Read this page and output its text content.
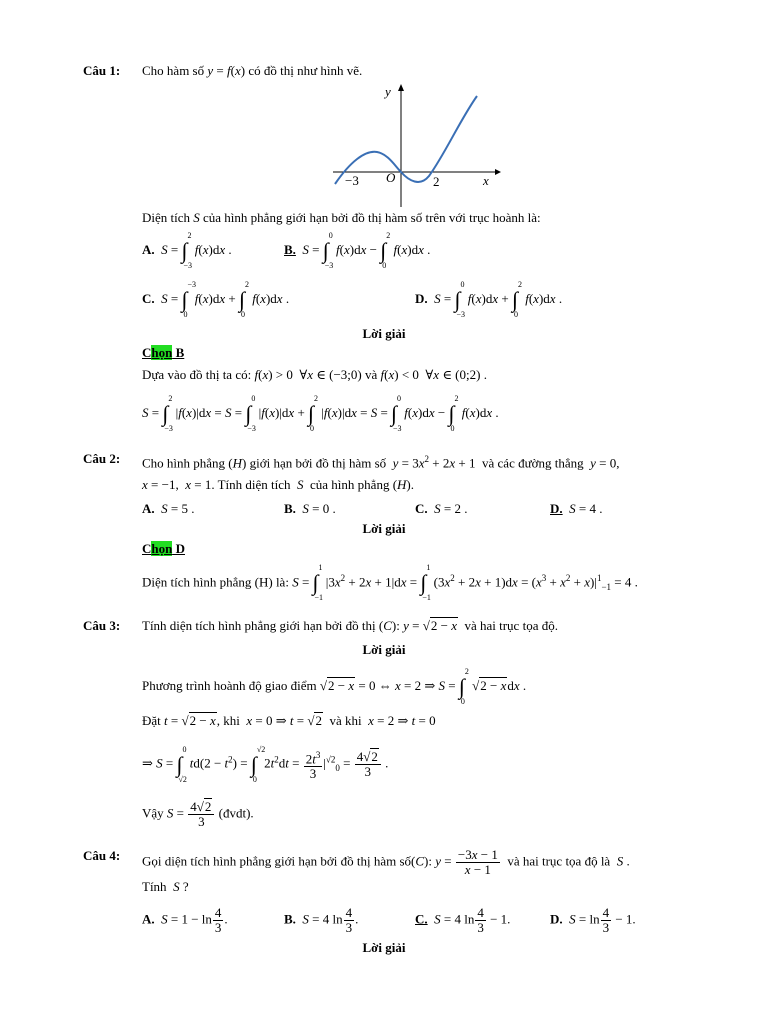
Câu 1: Cho hàm số y = f(x) có đồ thị như hình vẽ.
y
x
O
−3	2
Diện tích S của hình phẳng giới hạn bởi đồ thị hàm số trên với trục hoành là:
A. S = ∫
2
−3
f(x)dx .	B. S = ∫
0
−3
f(x)dx − ∫
2
0
f(x)dx .
C. S = ∫
−3
0
f(x)dx + ∫
2
0
f(x)dx .	D. S = ∫
0
−3
f(x)dx + ∫
2
0
f(x)dx .
Lời giải
Chọn B
Dựa vào đồ thị ta có: f(x) > 0  ∀x ∈ (−3;0) và f(x) < 0  ∀x ∈ (0;2) .
S = ∫
2
−3
|f(x)|dx = S = ∫
0
−3
|f(x)|dx + ∫
2
0
|f(x)|dx = S = ∫
0
−3
f(x)dx − ∫
2
0
f(x)dx .
Câu 2: Cho hình phẳng (H) giới hạn bởi đồ thị hàm số  $y = 3x^2 + 2x + 1$  và các đường thẳng  y = 0,
x = −1,  x = 1. Tính diện tích  S  của hình phẳng (H).
A. S = 5 .	B. S = 0 .	C. S = 2 .	D. S = 4 .
Lời giải
Chọn D
Diện tích hình phẳng (H) là: S = ∫
1
−1
$|3x^2 + 2x + 1|dx$ = ∫
1
−1
$(3x^2 + 2x + 1)dx = (x^3 + x^2 + x)|^1_{-1} = 4$ .
Câu 3: Tính diện tích hình phẳng giới hạn bởi đồ thị (C): y = √2 − x  và hai trục tọa độ.
Lời giải
Phương trình hoành độ giao điểm √2 − x = 0 ⇔ x = 2 ⇒ S = ∫
2
0
√2 − xdx .
Đặt t = √2 − x, khi  x = 0 ⇒ t = √2  và khi  x = 2 ⇒ t = 0
⇒ S = ∫
0
√2
$td(2 - t^2)$ = ∫
√2
0
$2t^2dt = \frac{2t^3}{3} |^{√2}_0 = \frac{4√2}{3}$ .
Vậy $S = \frac{4√2}{3}$ (đvdt).
Câu 4: Gọi diện tích hình phẳng giới hạn bởi đồ thị hàm số(C): $y = \frac{-3x - 1}{x - 1}$ và hai trục tọa độ là  S .
Tính  S ?
A. $S = 1 - \ln \frac{4}{3}$ .	B. S = 4 $\ln \frac{4}{3}$ .	C. S = 4 $\ln \frac{4}{3} - 1$.	D. $S = \ln \frac{4}{3} - 1$.
Lời giải
